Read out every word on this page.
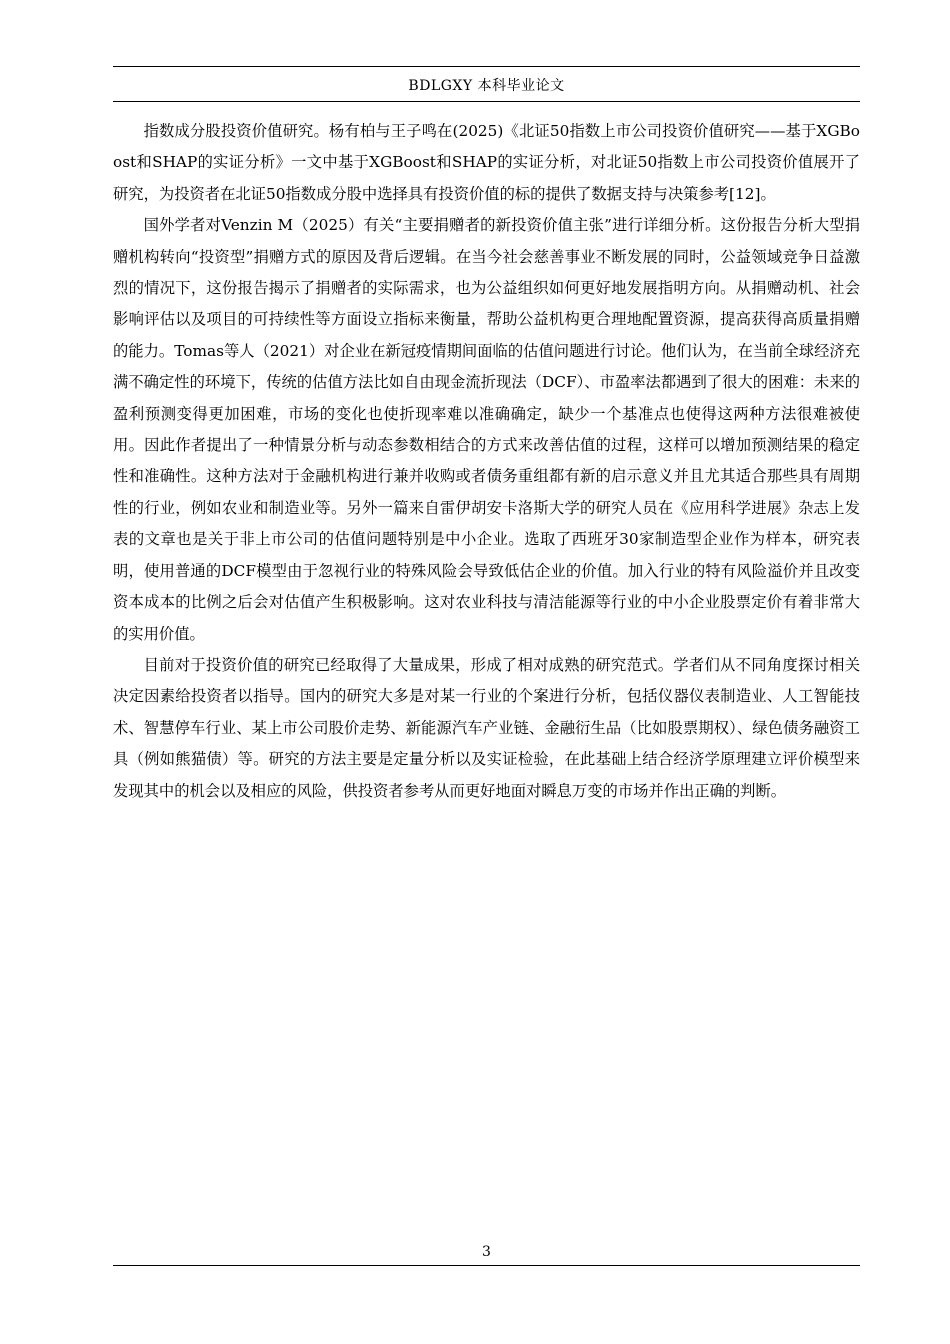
BDLGXY 本科毕业论文

指数成分股投资价值研究。杨有柏与王子鸣在(2025)《北证50指数上市公司投资价值研究——基于XGBoost和SHAP的实证分析》一文中基于XGBoost和SHAP的实证分析，对北证50指数上市公司投资价值展开了研究，为投资者在北证50指数成分股中选择具有投资价值的标的提供了数据支持与决策参考[12]。

国外学者对Venzin M（2025）有关“主要捐赠者的新投资价值主张”进行详细分析。这份报告分析大型捐赠机构转向“投资型”捐赠方式的原因及背后逻辑。在当今社会慈善事业不断发展的同时，公益领域竞争日益激烈的情况下，这份报告揭示了捐赠者的实际需求，也为公益组织如何更好地发展指明方向。从捐赠动机、社会影响评估以及项目的可持续性等方面设立指标来衡量，帮助公益机构更合理地配置资源，提高获得高质量捐赠的能力。Tomas等人（2021）对企业在新冠疫情期间面临的估值问题进行讨论。他们认为，在当前全球经济充满不确定性的环境下，传统的估值方法比如自由现金流折现法（DCF）、市盈率法都遇到了很大的困难：未来的盈利预测变得更加困难，市场的变化也使折现率难以准确确定，缺少一个基准点也使得这两种方法很难被使用。因此作者提出了一种情景分析与动态参数相结合的方式来改善估值的过程，这样可以增加预测结果的稳定性和准确性。这种方法对于金融机构进行兼并收购或者债务重组都有新的启示意义并且尤其适合那些具有周期性的行业，例如农业和制造业等。另外一篇来自雷伊胡安卡洛斯大学的研究人员在《应用科学进展》杂志上发表的文章也是关于非上市公司的估值问题特别是中小企业。选取了西班牙30家制造型企业作为样本，研究表明，使用普通的DCF模型由于忽视行业的特殊风险会导致低估企业的价值。加入行业的特有风险溢价并且改变资本成本的比例之后会对估值产生积极影响。这对农业科技与清洁能源等行业的中小企业股票定价有着非常大的实用价值。

目前对于投资价值的研究已经取得了大量成果，形成了相对成熟的研究范式。学者们从不同角度探讨相关决定因素给投资者以指导。国内的研究大多是对某一行业的个案进行分析，包括仪器仪表制造业、人工智能技术、智慧停车行业、某上市公司股价走势、新能源汽车产业链、金融衍生品（比如股票期权）、绿色债务融资工具（例如熊猫债）等。研究的方法主要是定量分析以及实证检验，在此基础上结合经济学原理建立评价模型来发现其中的机会以及相应的风险，供投资者参考从而更好地面对瞬息万变的市场并作出正确的判断。

3
